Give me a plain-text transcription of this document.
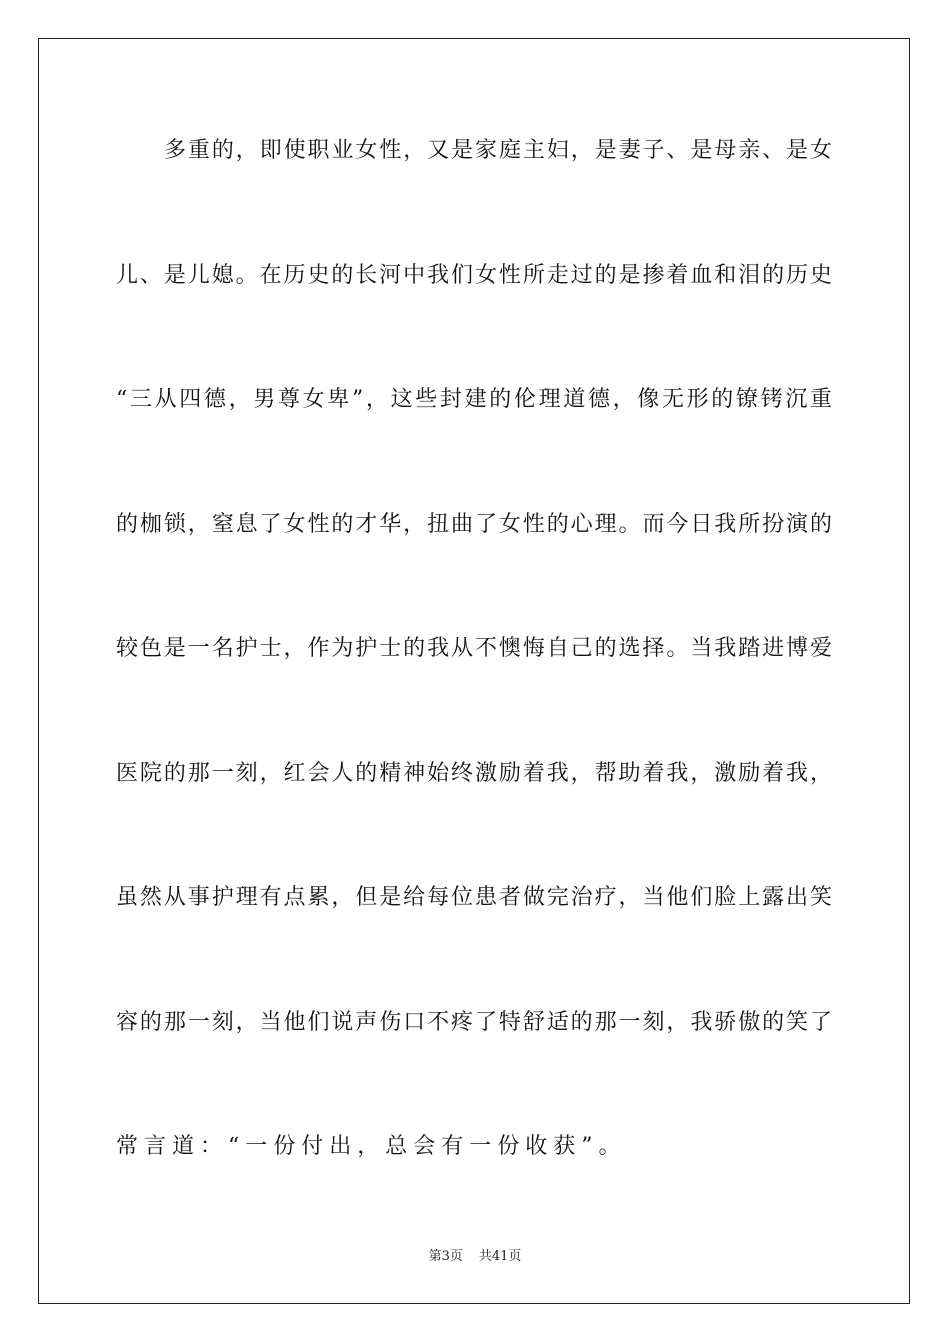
多重的，即使职业女性，又是家庭主妇，是妻子、是母亲、是女

儿、是儿媳。在历史的长河中我们女性所走过的是掺着血和泪的历史

“三从四德，男尊女卑”，这些封建的伦理道德，像无形的镣铐沉重

的枷锁，窒息了女性的才华，扭曲了女性的心理。而今日我所扮演的

较色是一名护士，作为护士的我从不懊悔自己的选择。当我踏进博爱

医院的那一刻，红会人的精神始终激励着我，帮助着我，激励着我，

虽然从事护理有点累，但是给每位患者做完治疗，当他们脸上露出笑

容的那一刻，当他们说声伤口不疼了特舒适的那一刻，我骄傲的笑了

常言道：“一份付出，总会有一份收获”。

第3页 共41页
